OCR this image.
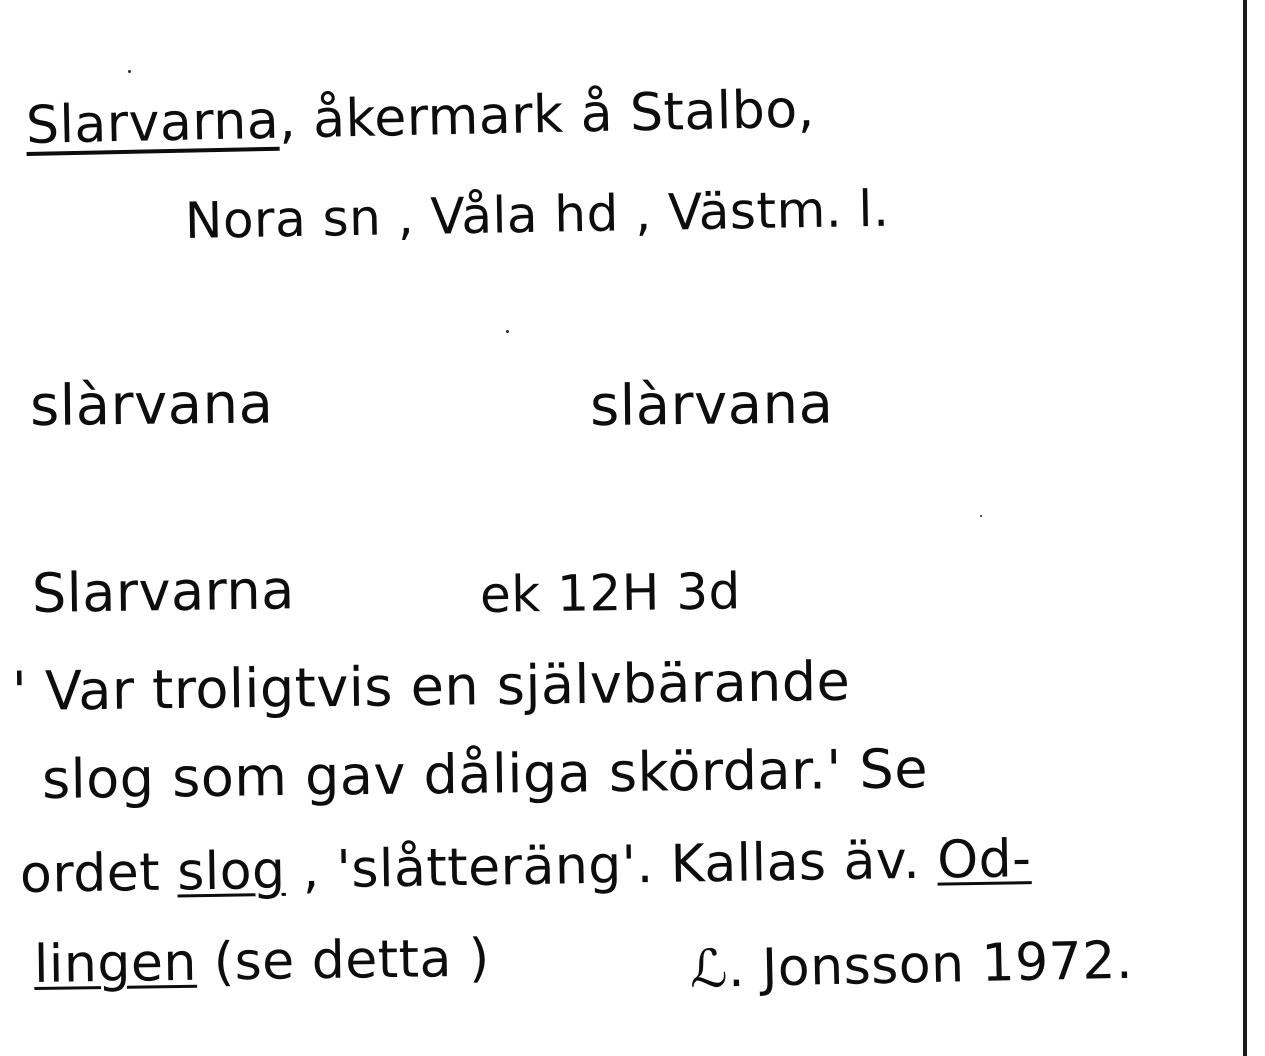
Slarvarna, åkermark å Stalbo,
Nora sn , Våla hd , Västm. l.
slàrvana	slàrvana
Slarvarna	ek 12H 3d
' Var troligtvis en självbärande
slog som gav dåliga skördar.' Se
ordet slog , 'slåtteräng'. Kallas äv. Od-
lingen (se detta )	ℒ. Jonsson 1972.
